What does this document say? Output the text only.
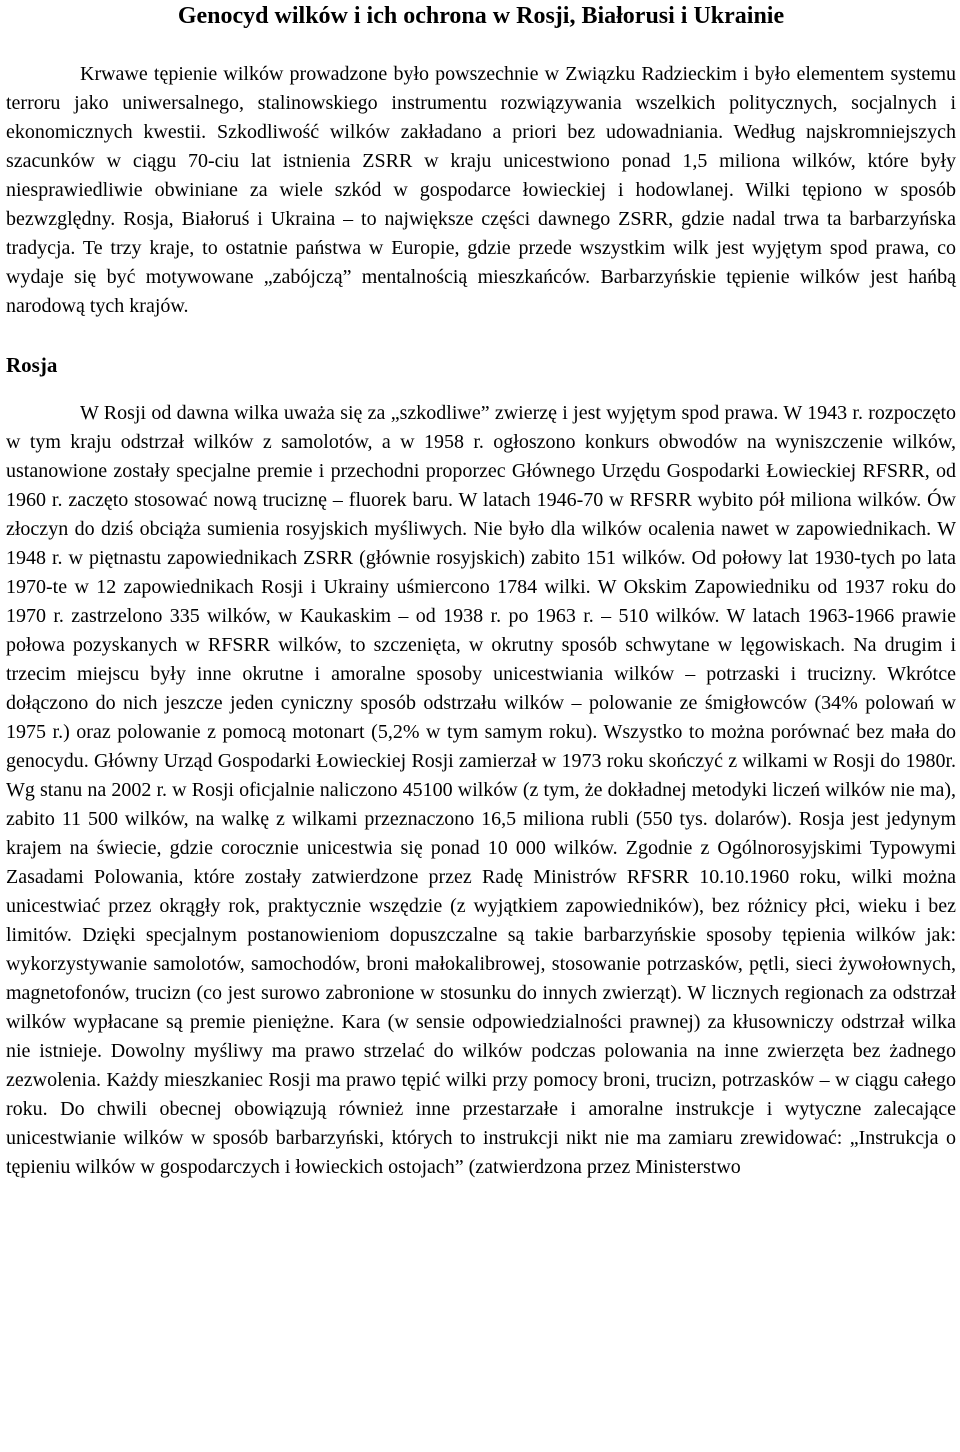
Genocyd wilków i ich ochrona w Rosji, Białorusi i Ukrainie

Krwawe tępienie wilków prowadzone było powszechnie w Związku Radzieckim i było elementem systemu terroru jako uniwersalnego, stalinowskiego instrumentu rozwiązywania wszelkich politycznych, socjalnych i ekonomicznych kwestii. Szkodliwość wilków zakładano a priori bez udowadniania. Według najskromniejszych szacunków w ciągu 70-ciu lat istnienia ZSRR w kraju unicestwiono ponad 1,5 miliona wilków, które były niesprawiedliwie obwiniane za wiele szkód w gospodarce łowieckiej i hodowlanej. Wilki tępiono w sposób bezwzględny. Rosja, Białoruś i Ukraina – to największe części dawnego ZSRR, gdzie nadal trwa ta barbarzyńska tradycja. Te trzy kraje, to ostatnie państwa w Europie, gdzie przede wszystkim wilk jest wyjętym spod prawa, co wydaje się być motywowane „zabójczą” mentalnością mieszkańców. Barbarzyńskie tępienie wilków jest hańbą narodową tych krajów.

Rosja

W Rosji od dawna wilka uważa się za „szkodliwe” zwierzę i jest wyjętym spod prawa. W 1943 r. rozpoczęto w tym kraju odstrzał wilków z samolotów, a w 1958 r. ogłoszono konkurs obwodów na wyniszczenie wilków, ustanowione zostały specjalne premie i przechodni proporzec Głównego Urzędu Gospodarki Łowieckiej RFSRR, od 1960 r. zaczęto stosować nową truciznę – fluorek baru. W latach 1946-70 w RFSRR wybito pół miliona wilków. Ów złoczyn do dziś obciąża sumienia rosyjskich myśliwych. Nie było dla wilków ocalenia nawet w zapowiednikach. W 1948 r. w piętnastu zapowiednikach ZSRR (głównie rosyjskich) zabito 151 wilków. Od połowy lat 1930-tych po lata 1970-te w 12 zapowiednikach Rosji i Ukrainy uśmiercono 1784 wilki. W Okskim Zapowiedniku od 1937 roku do 1970 r. zastrzelono 335 wilków, w Kaukaskim – od 1938 r. po 1963 r. – 510 wilków. W latach 1963-1966 prawie połowa pozyskanych w RFSRR wilków, to szczenięta, w okrutny sposób schwytane w lęgowiskach. Na drugim i trzecim miejscu były inne okrutne i amoralne sposoby unicestwiania wilków – potrzaski i trucizny. Wkrótce dołączono do nich jeszcze jeden cyniczny sposób odstrzału wilków – polowanie ze śmigłowców (34% polowań w 1975 r.) oraz polowanie z pomocą motonart (5,2% w tym samym roku). Wszystko to można porównać bez mała do genocydu. Główny Urząd Gospodarki Łowieckiej Rosji zamierzał w 1973 roku skończyć z wilkami w Rosji do 1980r. Wg stanu na 2002 r. w Rosji oficjalnie naliczono 45100 wilków (z tym, że dokładnej metodyki liczeń wilków nie ma), zabito 11 500 wilków, na walkę z wilkami przeznaczono 16,5 miliona rubli (550 tys. dolarów). Rosja jest jedynym krajem na świecie, gdzie corocznie unicestwia się ponad 10 000 wilków. Zgodnie z Ogólnorosyjskimi Typowymi Zasadami Polowania, które zostały zatwierdzone przez Radę Ministrów RFSRR 10.10.1960 roku, wilki można unicestwiać przez okrągły rok, praktycznie wszędzie (z wyjątkiem zapowiedników), bez różnicy płci, wieku i bez limitów. Dzięki specjalnym postanowieniom dopuszczalne są takie barbarzyńskie sposoby tępienia wilków jak: wykorzystywanie samolotów, samochodów, broni małokalibrowej, stosowanie potrzasków, pętli, sieci żywołownych, magnetofonów, trucizn (co jest surowo zabronione w stosunku do innych zwierząt). W licznych regionach za odstrzał wilków wypłacane są premie pieniężne. Kara (w sensie odpowiedzialności prawnej) za kłusowniczy odstrzał wilka nie istnieje. Dowolny myśliwy ma prawo strzelać do wilków podczas polowania na inne zwierzęta bez żadnego zezwolenia. Każdy mieszkaniec Rosji ma prawo tępić wilki przy pomocy broni, trucizn, potrzasków – w ciągu całego roku. Do chwili obecnej obowiązują również inne przestarzałe i amoralne instrukcje i wytyczne zalecające unicestwianie wilków w sposób barbarzyński, których to instrukcji nikt nie ma zamiaru zrewidować: „Instrukcja o tępieniu wilków w gospodarczych i łowieckich ostojach” (zatwierdzona przez Ministerstwo
